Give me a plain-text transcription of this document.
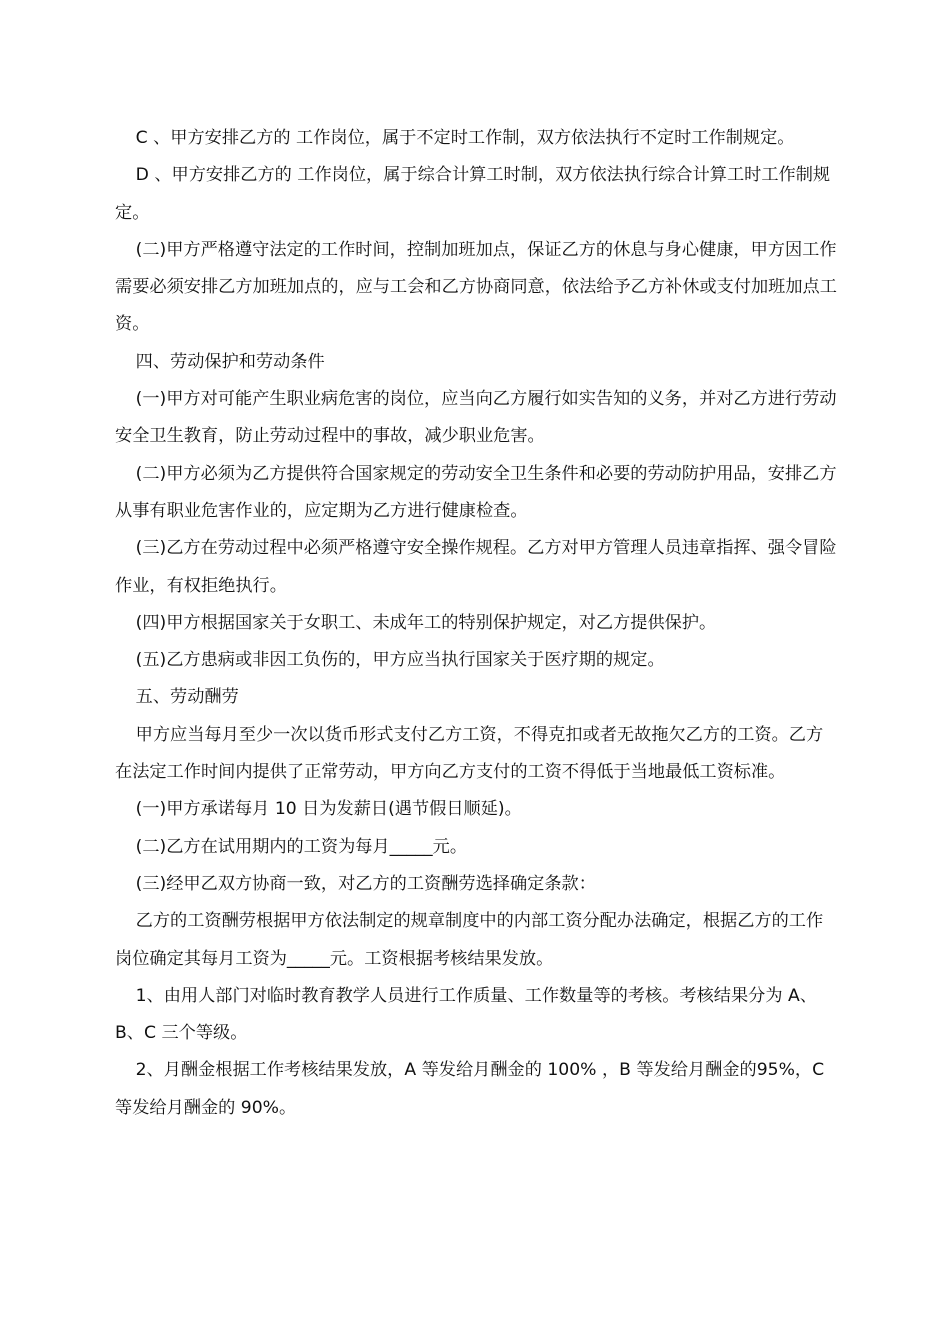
C 、甲方安排乙方的 工作岗位，属于不定时工作制，双方依法执行不定时工作制规定。

D 、甲方安排乙方的 工作岗位，属于综合计算工时制，双方依法执行综合计算工时工作制规定。

(二)甲方严格遵守法定的工作时间，控制加班加点，保证乙方的休息与身心健康，甲方因工作需要必须安排乙方加班加点的，应与工会和乙方协商同意，依法给予乙方补休或支付加班加点工资。

四、劳动保护和劳动条件

(一)甲方对可能产生职业病危害的岗位，应当向乙方履行如实告知的义务，并对乙方进行劳动安全卫生教育，防止劳动过程中的事故，减少职业危害。

(二)甲方必须为乙方提供符合国家规定的劳动安全卫生条件和必要的劳动防护用品，安排乙方从事有职业危害作业的，应定期为乙方进行健康检查。

(三)乙方在劳动过程中必须严格遵守安全操作规程。乙方对甲方管理人员违章指挥、强令冒险作业，有权拒绝执行。

(四)甲方根据国家关于女职工、未成年工的特别保护规定，对乙方提供保护。

(五)乙方患病或非因工负伤的，甲方应当执行国家关于医疗期的规定。

五、劳动酬劳

甲方应当每月至少一次以货币形式支付乙方工资，不得克扣或者无故拖欠乙方的工资。乙方在法定工作时间内提供了正常劳动，甲方向乙方支付的工资不得低于当地最低工资标准。

(一)甲方承诺每月 10 日为发薪日(遇节假日顺延)。

(二)乙方在试用期内的工资为每月_____元。

(三)经甲乙双方协商一致，对乙方的工资酬劳选择确定条款：

乙方的工资酬劳根据甲方依法制定的规章制度中的内部工资分配办法确定，根据乙方的工作岗位确定其每月工资为_____元。工资根据考核结果发放。

1、由用人部门对临时教育教学人员进行工作质量、工作数量等的考核。考核结果分为 A、B、C 三个等级。

2、月酬金根据工作考核结果发放，A 等发给月酬金的 100% ，B 等发给月酬金的95%，C 等发给月酬金的 90%。
